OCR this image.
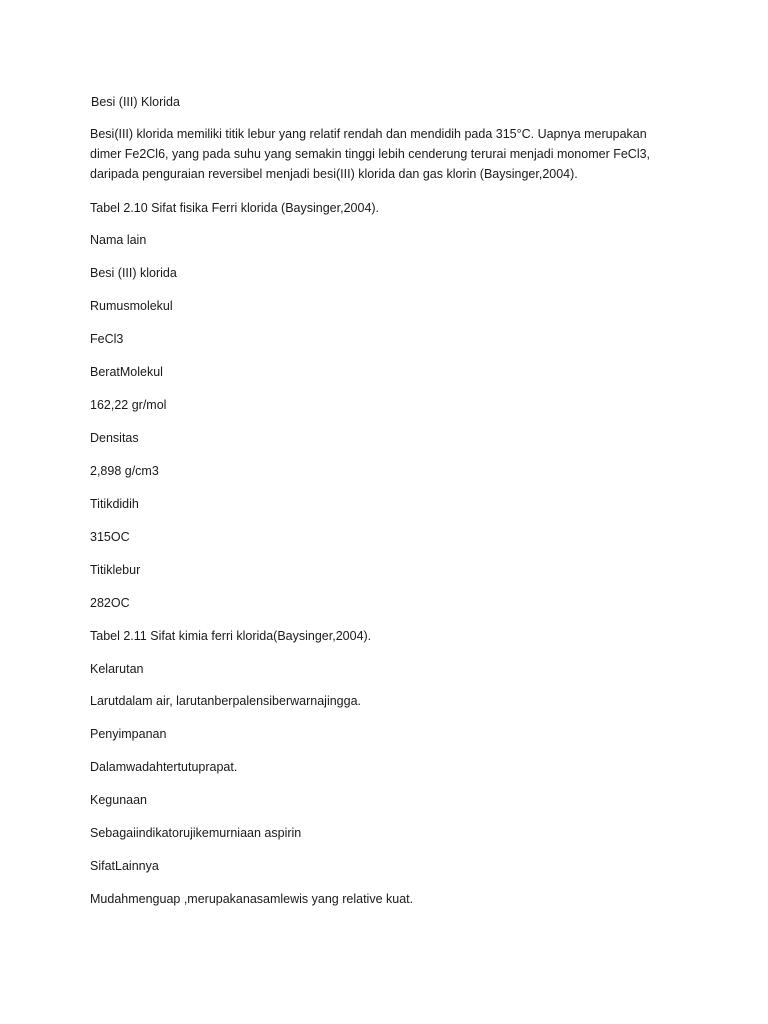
Besi (III) Klorida
Besi(III) klorida memiliki titik lebur yang relatif rendah dan mendidih pada 315°C. Uapnya merupakan
dimer Fe2Cl6, yang pada suhu yang semakin tinggi lebih cenderung terurai menjadi monomer FeCl3,
daripada penguraian reversibel menjadi besi(III) klorida dan gas klorin (Baysinger,2004).
Tabel 2.10 Sifat fisika Ferri klorida (Baysinger,2004).
Nama lain
Besi (III) klorida
Rumusmolekul
FeCl3
BeratMolekul
162,22 gr/mol
Densitas
2,898 g/cm3
Titikdidih
315OC
Titiklebur
282OC
Tabel 2.11 Sifat kimia ferri klorida(Baysinger,2004).
Kelarutan
Larutdalam air, larutanberpalensiberwarnajingga.
Penyimpanan
Dalamwadahtertutuprapat.
Kegunaan
Sebagaiindikatorujikemurniaan aspirin
SifatLainnya
Mudahmenguap ,merupakanasamlewis yang relative kuat.
